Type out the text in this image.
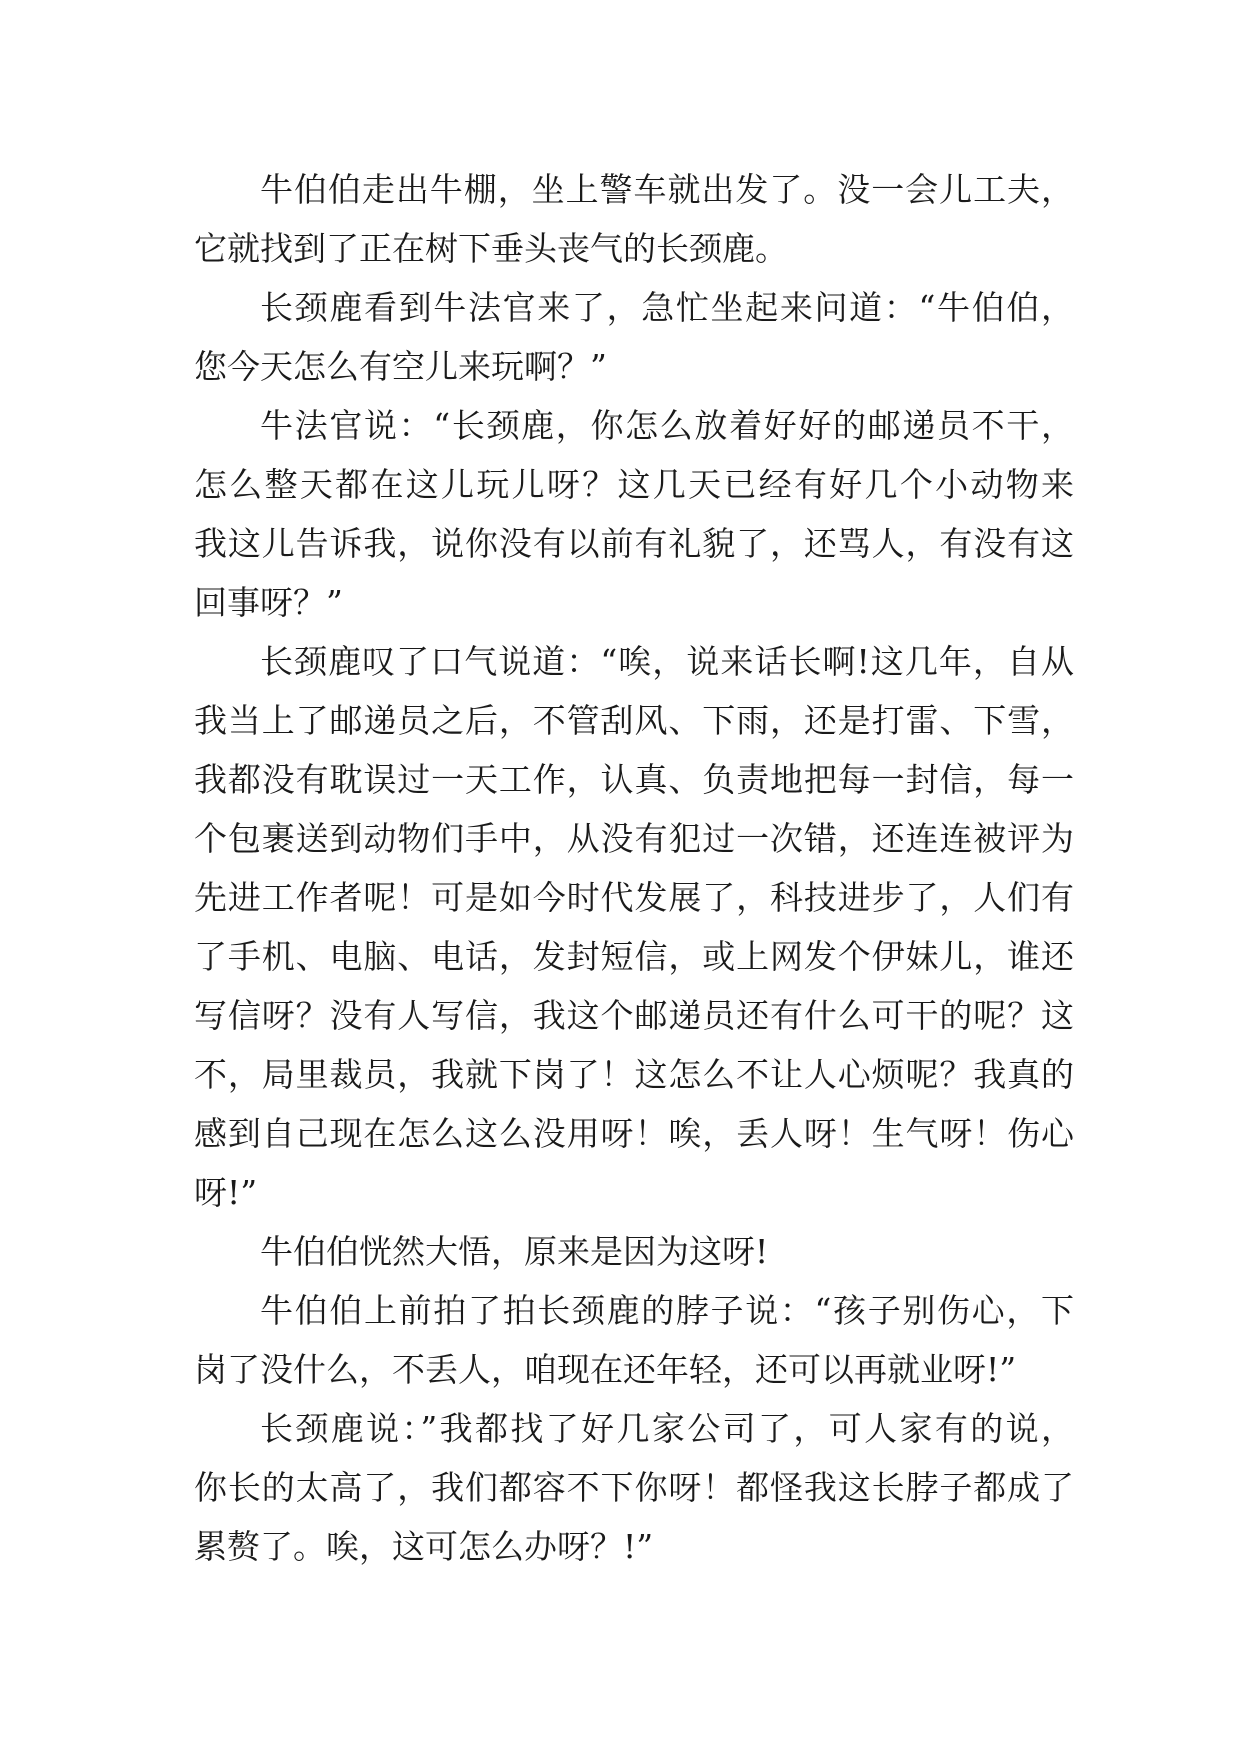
牛伯伯走出牛棚，坐上警车就出发了。没一会儿工夫，
它就找到了正在树下垂头丧气的长颈鹿。
长颈鹿看到牛法官来了，急忙坐起来问道：“牛伯伯，
您今天怎么有空儿来玩啊？”
牛法官说：“长颈鹿，你怎么放着好好的邮递员不干，
怎么整天都在这儿玩儿呀？这几天已经有好几个小动物来
我这儿告诉我，说你没有以前有礼貌了，还骂人，有没有这
回事呀？”
长颈鹿叹了口气说道：“唉，说来话长啊!这几年，自从
我当上了邮递员之后，不管刮风、下雨，还是打雷、下雪，
我都没有耽误过一天工作，认真、负责地把每一封信，每一
个包裹送到动物们手中，从没有犯过一次错，还连连被评为
先进工作者呢！可是如今时代发展了，科技进步了，人们有
了手机、电脑、电话，发封短信，或上网发个伊妹儿，谁还
写信呀？没有人写信，我这个邮递员还有什么可干的呢？这
不，局里裁员，我就下岗了！这怎么不让人心烦呢？我真的
感到自己现在怎么这么没用呀！唉，丢人呀！生气呀！伤心
呀!”
牛伯伯恍然大悟，原来是因为这呀!
牛伯伯上前拍了拍长颈鹿的脖子说：“孩子别伤心，下
岗了没什么，不丢人，咱现在还年轻，还可以再就业呀!”
长颈鹿说：”我都找了好几家公司了，可人家有的说，
你长的太高了，我们都容不下你呀！都怪我这长脖子都成了
累赘了。唉，这可怎么办呀？!”
